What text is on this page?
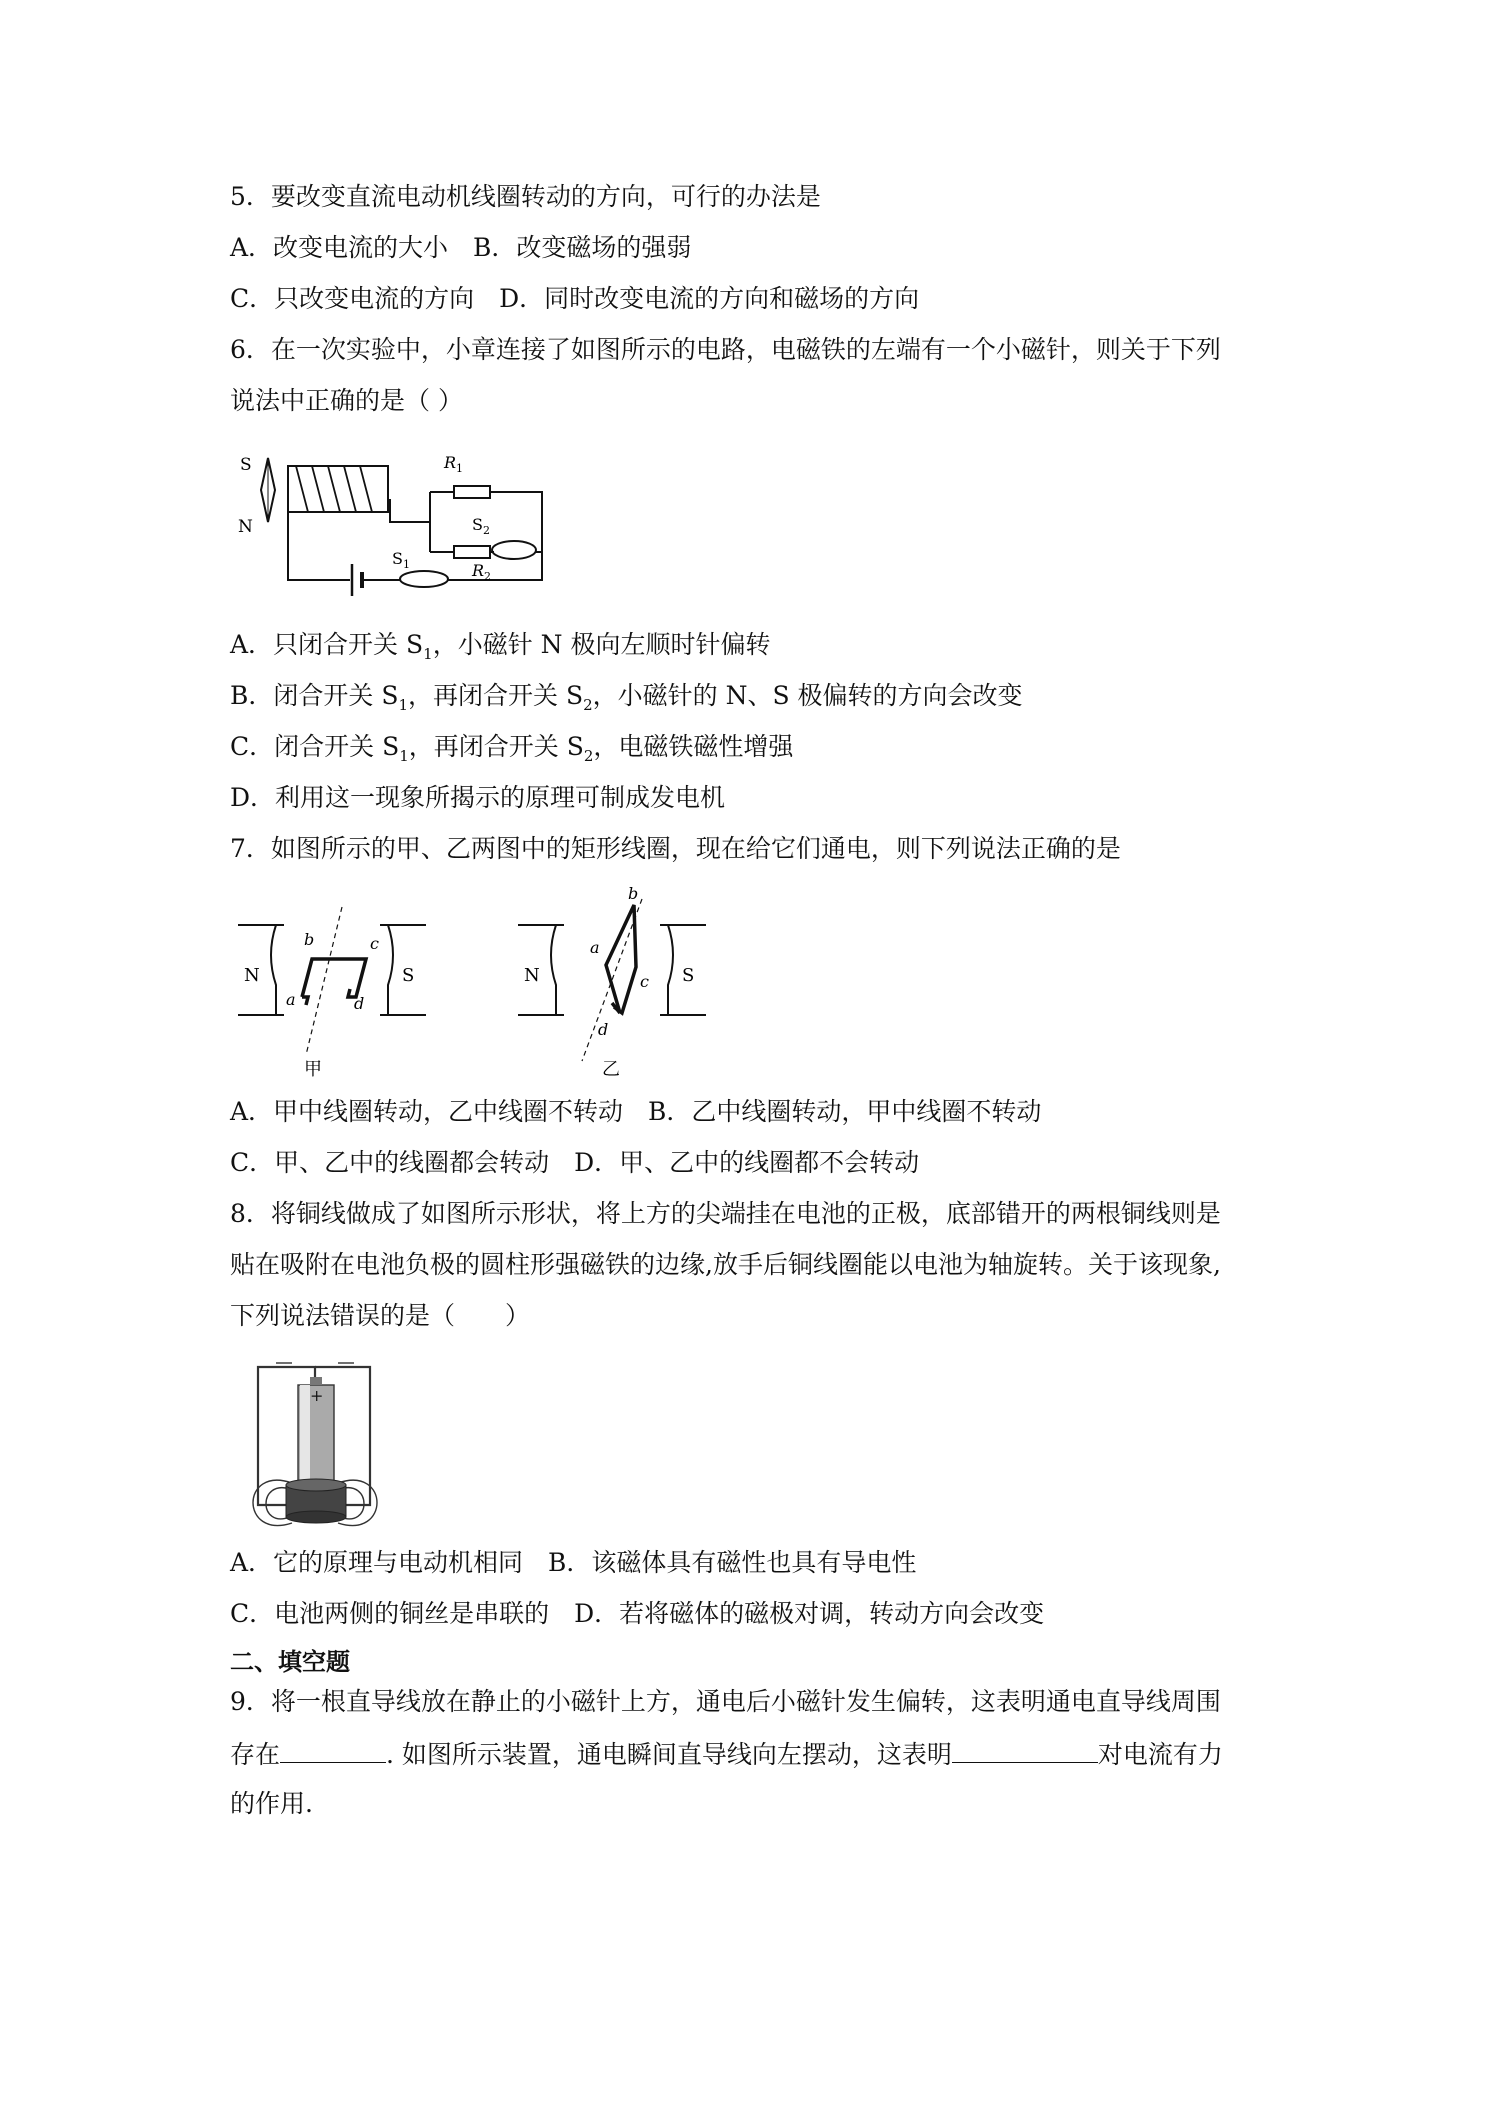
5．要改变直流电动机线圈转动的方向，可行的办法是
A．改变电流的大小　B．改变磁场的强弱
C．只改变电流的方向　D．同时改变电流的方向和磁场的方向
6．在一次实验中，小章连接了如图所示的电路，电磁铁的左端有一个小磁针，则关于下列
说法中正确的是（ ）
S
N
$R_1$
$S_2$
$R_2$
$S_1$
A．只闭合开关 $S_1$，小磁针 N 极向左顺时针偏转
B．闭合开关 $S_1$，再闭合开关 $S_2$，小磁针的 N、S 极偏转的方向会改变
C．闭合开关 $S_1$，再闭合开关 $S_2$，电磁铁磁性增强
D．利用这一现象所揭示的原理可制成发电机
7．如图所示的甲、乙两图中的矩形线圈，现在给它们通电，则下列说法正确的是
N	S
a
b	c
d
甲
N	S
a
b
c
d
乙
A．甲中线圈转动，乙中线圈不转动　B．乙中线圈转动，甲中线圈不转动
C．甲、乙中的线圈都会转动　D．甲、乙中的线圈都不会转动
8．将铜线做成了如图所示形状，将上方的尖端挂在电池的正极，底部错开的两根铜线则是
贴在吸附在电池负极的圆柱形强磁铁的边缘,放手后铜线圈能以电池为轴旋转。关于该现象,
下列说法错误的是（　　）
+
A．它的原理与电动机相同　B．该磁体具有磁性也具有导电性
C．电池两侧的铜丝是串联的　D．若将磁体的磁极对调，转动方向会改变
二、填空题
9．将一根直导线放在静止的小磁针上方，通电后小磁针发生偏转，这表明通电直导线周围
存在	. 如图所示装置，通电瞬间直导线向左摆动，这表明	对电流有力
的作用.
